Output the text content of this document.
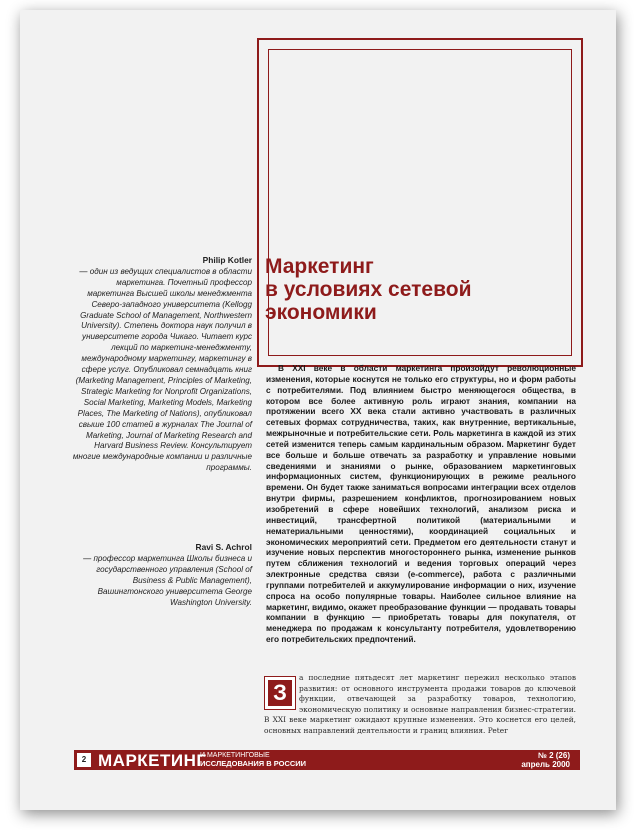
Маркетинг
в условиях сетевой
экономики
Philip Kotler
— один из ведущих специалистов в области маркетинга. Почетный профессор маркетинга Высшей школы менеджмента Северо-западного университета (Kellogg Graduate School of Management, Northwestern University). Степень доктора наук получил в университете города Чикаго. Читает курс лекций по маркетинг-менеджменту, международному маркетингу, маркетингу в сфере услуг. Опубликовал семнадцать книг (Marketing Management, Principles of Marketing, Strategic Marketing for Nonprofit Organizations, Social Marketing, Marketing Models, Marketing Places, The Marketing of Nations), опубликовал свыше 100 статей в журналах The Journal of Marketing, Journal of Marketing Research and Harvard Business Review. Консультирует многие международные компании и различные программы.
Ravi S. Achrol
— профессор маркетинга Школы бизнеса и государственного управления (School of Business & Public Management), Вашингтонского университета George Washington University.

В XXI веке в области маркетинга произойдут революционные изменения, которые коснутся не только его структуры, но и форм работы с потребителями. Под влиянием быстро меняющегося общества, в котором все более активную роль играют знания, компании на протяжении всего XX века стали активно участвовать в различных сетевых формах сотрудничества, таких, как внутренние, вертикальные, межрыночные и потребительские сети. Роль маркетинга в каждой из этих сетей изменится теперь самым кардинальным образом. Маркетинг будет все больше и больше отвечать за разработку и управление новыми сведениями и знаниями о рынке, образованием маркетинговых информационных систем, функционирующих в режиме реального времени. Он будет также заниматься вопросами интеграции всех отделов внутри фирмы, разрешением конфликтов, прогнозированием новых изобретений в сфере новейших технологий, анализом риска и инвестиций, трансфертной политикой (материальными и нематериальными ценностями), координацией социальных и экономических мероприятий сети. Предметом его деятельности станут и изучение новых перспектив многостороннего рынка, изменение рынков путем сближения технологий и ведения торговых операций через электронные средства связи (e-commerce), работа с различными группами потребителей и аккумулирование информации о них, изучение спроса на особо популярные товары. Наиболее сильное влияние на маркетинг, видимо, окажет преобразование функции — продавать товары компании в функцию — приобретать товары для покупателя, от менеджера по продажам к консультанту потребителя, удовлетворению его потребительских предпочтений.

З

а последние пятьдесят лет маркетинг пережил несколько этапов развития: от основного инструмента продажи товаров до ключевой функции, отвечающей за разработку товаров, технологию, экономическую политику и основные направления бизнес-стратегии. В XXI веке маркетинг ожидают крупные изменения. Это коснется его целей, основных направлений деятельности и границ влияния. Peter

2 МАРКЕТИНГ
И МАРКЕТИНГОВЫЕ
ИССЛЕДОВАНИЯ В РОССИИ
№ 2 (26)
апрель 2000
